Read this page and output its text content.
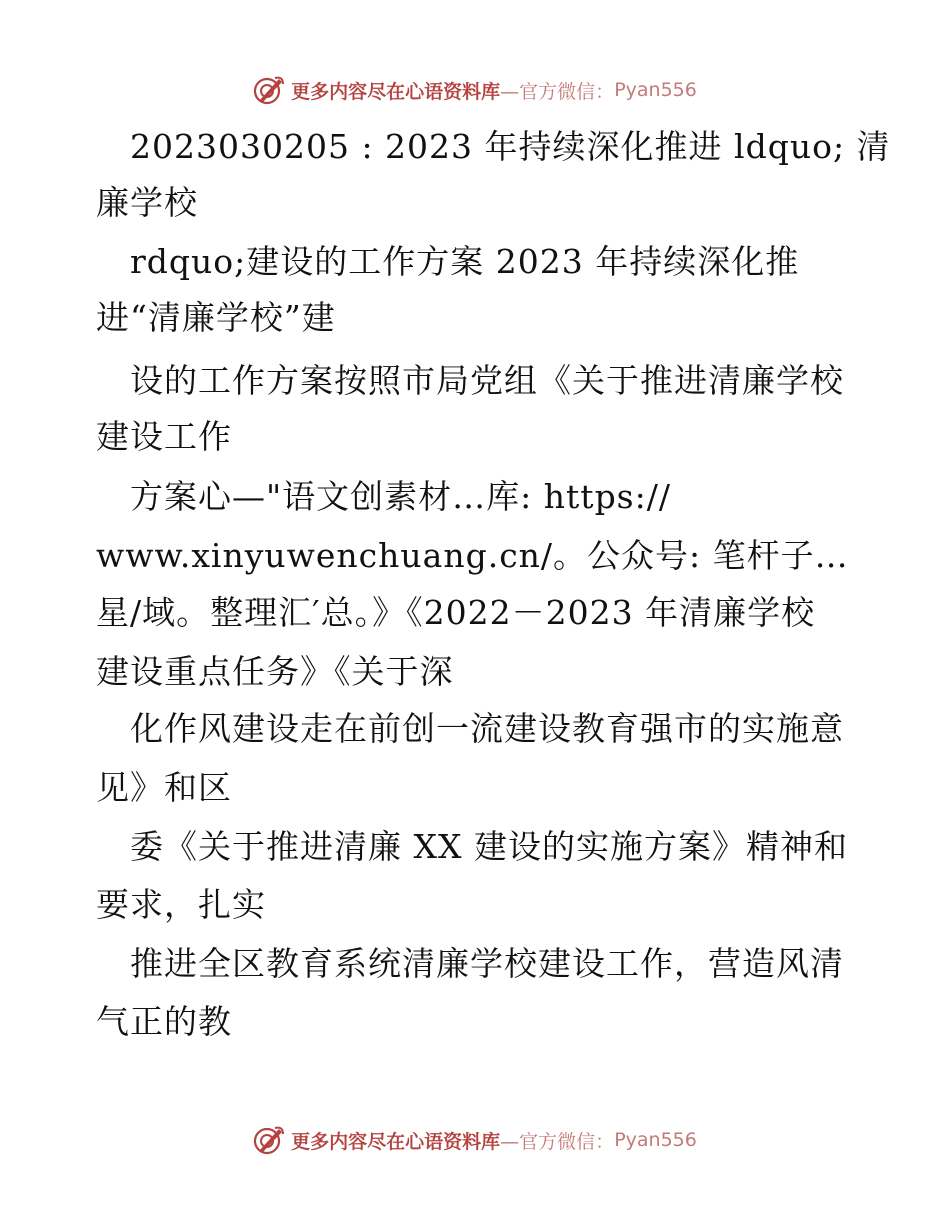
更多内容尽在心语资料库 —官方微信： Pyan556
　2023030205 : 2023 年持续深化推进 ldquo; 清
廉学校
　rdquo;建设的工作方案 2023 年持续深化推
进“清廉学校”建
　设的工作方案按照市局党组《关于推进清廉学校
建设工作
　方案心—"语文创素材…库: https://
www.xinyuwenchuang.cn/。公众号: 笔杆子…
星/域。整理汇′总。》《2022－2023 年清廉学校
建设重点任务》《关于深
　化作风建设走在前创一流建设教育强市的实施意
见》和区
　委《关于推进清廉 XX 建设的实施方案》精神和
要求，扎实
　推进全区教育系统清廉学校建设工作，营造风清
气正的教
更多内容尽在心语资料库 —官方微信： Pyan556
